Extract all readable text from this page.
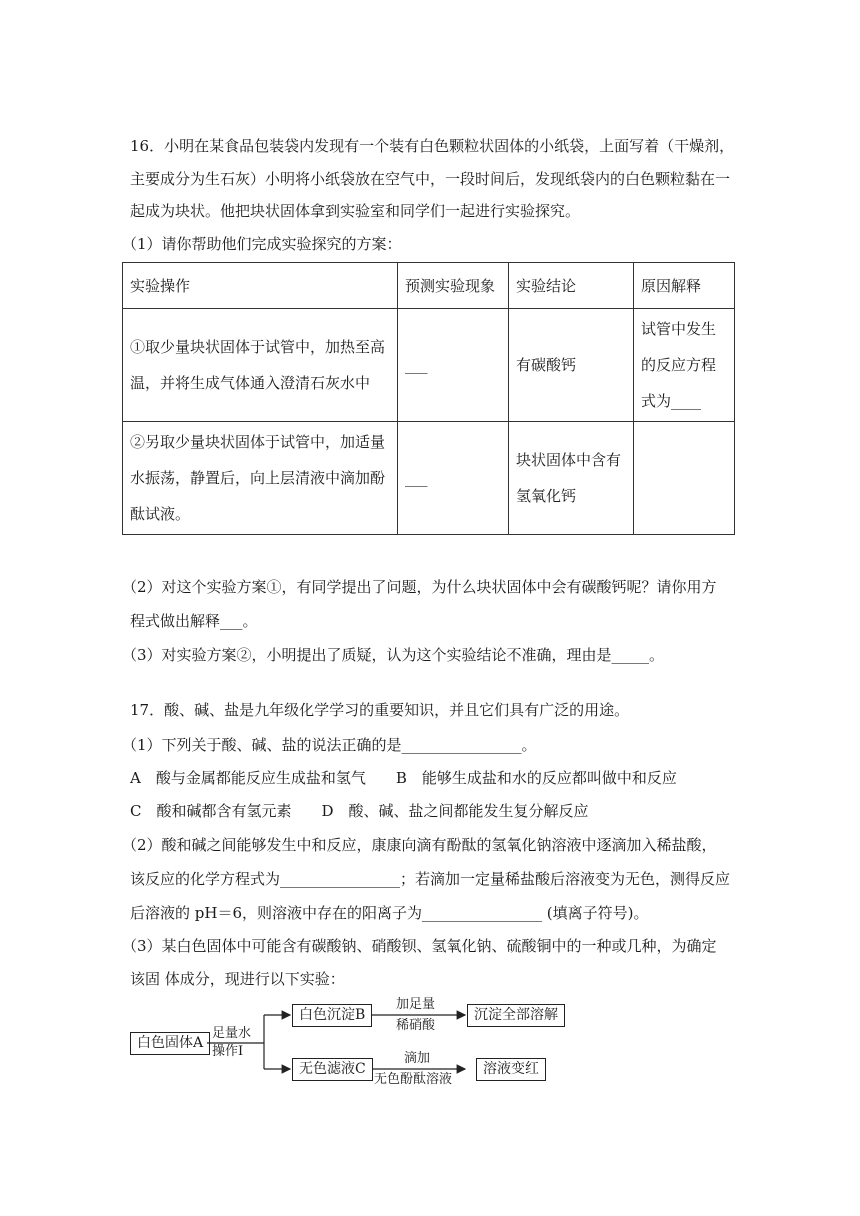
16．小明在某食品包装袋内发现有一个装有白色颗粒状固体的小纸袋，上面写着（干燥剂，
主要成分为生石灰）小明将小纸袋放在空气中，一段时间后，发现纸袋内的白色颗粒黏在一
起成为块状。他把块状固体拿到实验室和同学们一起进行实验探究。
（1）请你帮助他们完成实验探究的方案：
实验操作	预测实验现象	实验结论	原因解释

①取少量块状固体于试管中，加热至高
温，并将生成气体通入澄清石灰水中	___	有碳酸钙	试管中发生
的反应方程
式为____

②另取少量块状固体于试管中，加适量
水振荡，静置后，向上层清液中滴加酚
酞试液。	___	块状固体中含有
氢氧化钙	

（2）对这个实验方案①，有同学提出了问题，为什么块状固体中会有碳酸钙呢？请你用方
程式做出解释___。
（3）对实验方案②，小明提出了质疑，认为这个实验结论不准确，理由是_____。
17．酸、碱、盐是九年级化学学习的重要知识，并且它们具有广泛的用途。
（1）下列关于酸、碱、盐的说法正确的是________________。
A　酸与金属都能反应生成盐和氢气　　B　能够生成盐和水的反应都叫做中和反应
C　酸和碱都含有氢元素　　D　酸、碱、盐之间都能发生复分解反应
（2）酸和碱之间能够发生中和反应，康康向滴有酚酞的氢氧化钠溶液中逐滴加入稀盐酸，
该反应的化学方程式为________________；若滴加一定量稀盐酸后溶液变为无色，测得反应
后溶液的 pH＝6，则溶液中存在的阳离子为________________ (填离子符号)。
（3）某白色固体中可能含有碳酸钠、硝酸钡、氢氧化钠、硫酸铜中的一种或几种，为确定
该固 体成分，现进行以下实验：
白色固体A
足量水
操作Ⅰ
白色沉淀B
加足量
稀硝酸
沉淀全部溶解
无色滤液C
滴加
无色酚酞溶液
溶液变红
